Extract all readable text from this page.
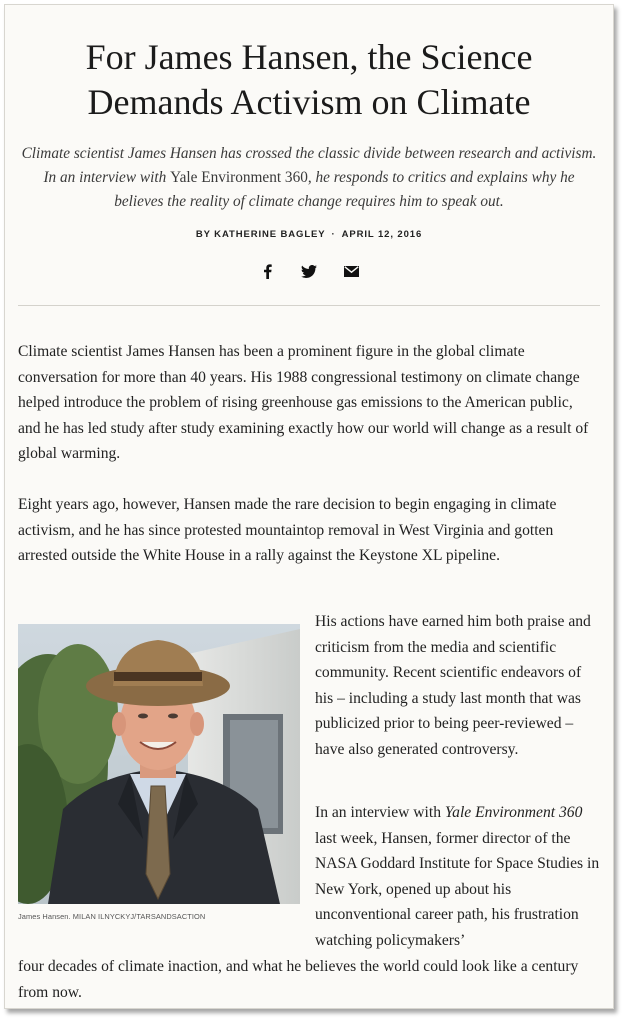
For James Hansen, the Science
Demands Activism on Climate

Climate scientist James Hansen has crossed the classic divide between research and activism. In an interview with Yale Environment 360, he responds to critics and explains why he believes the reality of climate change requires him to speak out.

BY KATHERINE BAGLEY · APRIL 12, 2016

Climate scientist James Hansen has been a prominent figure in the global climate conversation for more than 40 years. His 1988 congressional testimony on climate change helped introduce the problem of rising greenhouse gas emissions to the American public, and he has led study after study examining exactly how our world will change as a result of global warming.

Eight years ago, however, Hansen made the rare decision to begin engaging in climate activism, and he has since protested mountaintop removal in West Virginia and gotten arrested outside the White House in a rally against the Keystone XL pipeline.

James Hansen. MILAN ILNYCKYJ/TARSANDSACTION

His actions have earned him both praise and criticism from the media and scientific community. Recent scientific endeavors of his – including a study last month that was publicized prior to being peer-reviewed – have also generated controversy.

In an interview with Yale Environment 360 last week, Hansen, former director of the NASA Goddard Institute for Space Studies in New York, opened up about his unconventional career path, his frustration watching policymakers’

four decades of climate inaction, and what he believes the world could look like a century from now.
